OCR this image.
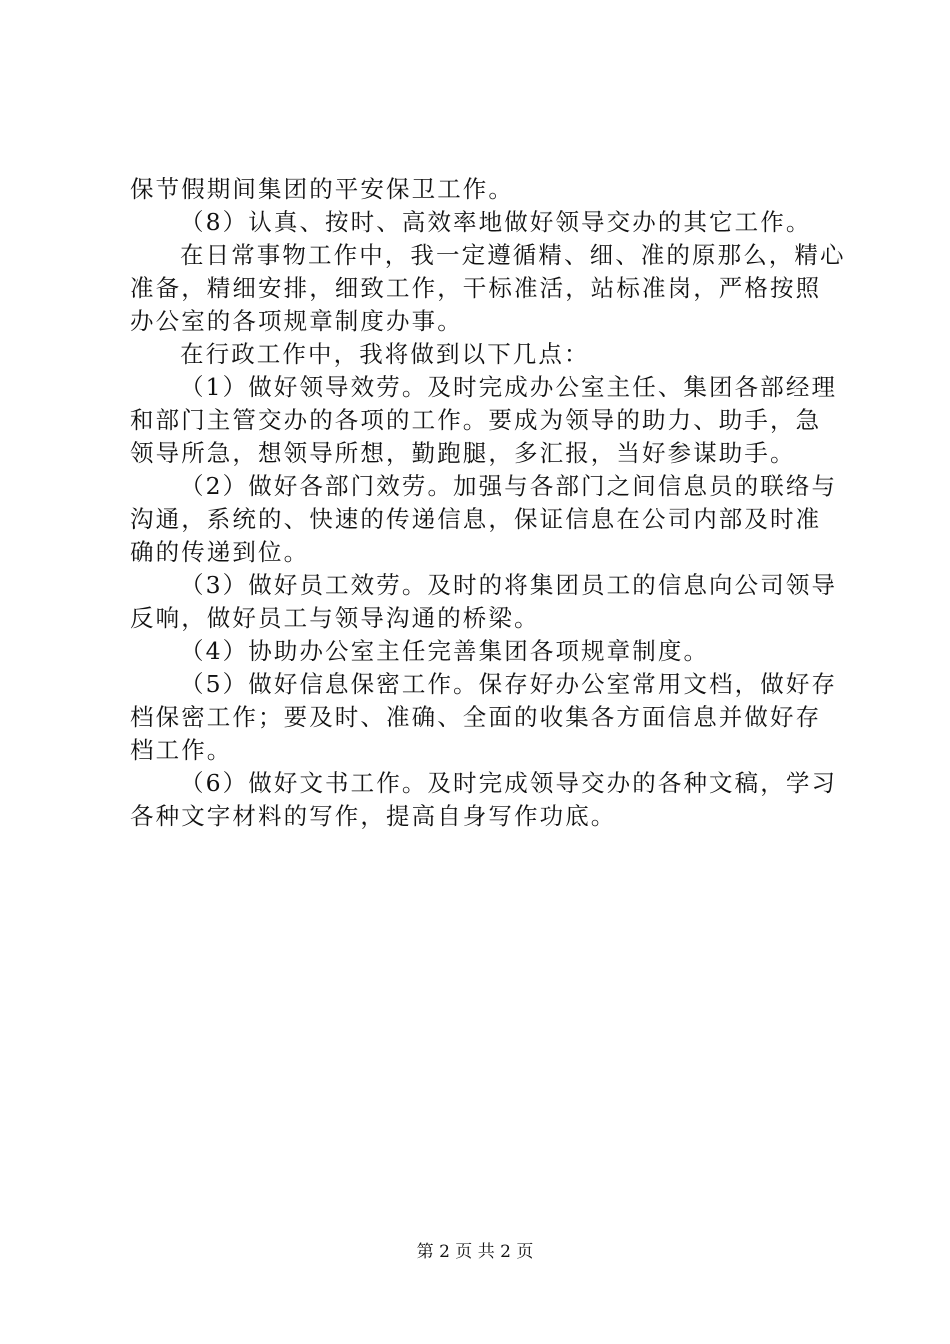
保节假期间集团的平安保卫工作。
（8）认真、按时、高效率地做好领导交办的其它工作。
在日常事物工作中，我一定遵循精、细、准的原那么，精心
准备，精细安排，细致工作，干标准活，站标准岗，严格按照
办公室的各项规章制度办事。
在行政工作中，我将做到以下几点：
（1）做好领导效劳。及时完成办公室主任、集团各部经理
和部门主管交办的各项的工作。要成为领导的助力、助手，急
领导所急，想领导所想，勤跑腿，多汇报，当好参谋助手。
（2）做好各部门效劳。加强与各部门之间信息员的联络与
沟通，系统的、快速的传递信息，保证信息在公司内部及时准
确的传递到位。
（3）做好员工效劳。及时的将集团员工的信息向公司领导
反响，做好员工与领导沟通的桥梁。
（4）协助办公室主任完善集团各项规章制度。
（5）做好信息保密工作。保存好办公室常用文档，做好存
档保密工作；要及时、准确、全面的收集各方面信息并做好存
档工作。
（6）做好文书工作。及时完成领导交办的各种文稿，学习
各种文字材料的写作，提高自身写作功底。
第 2 页 共 2 页
